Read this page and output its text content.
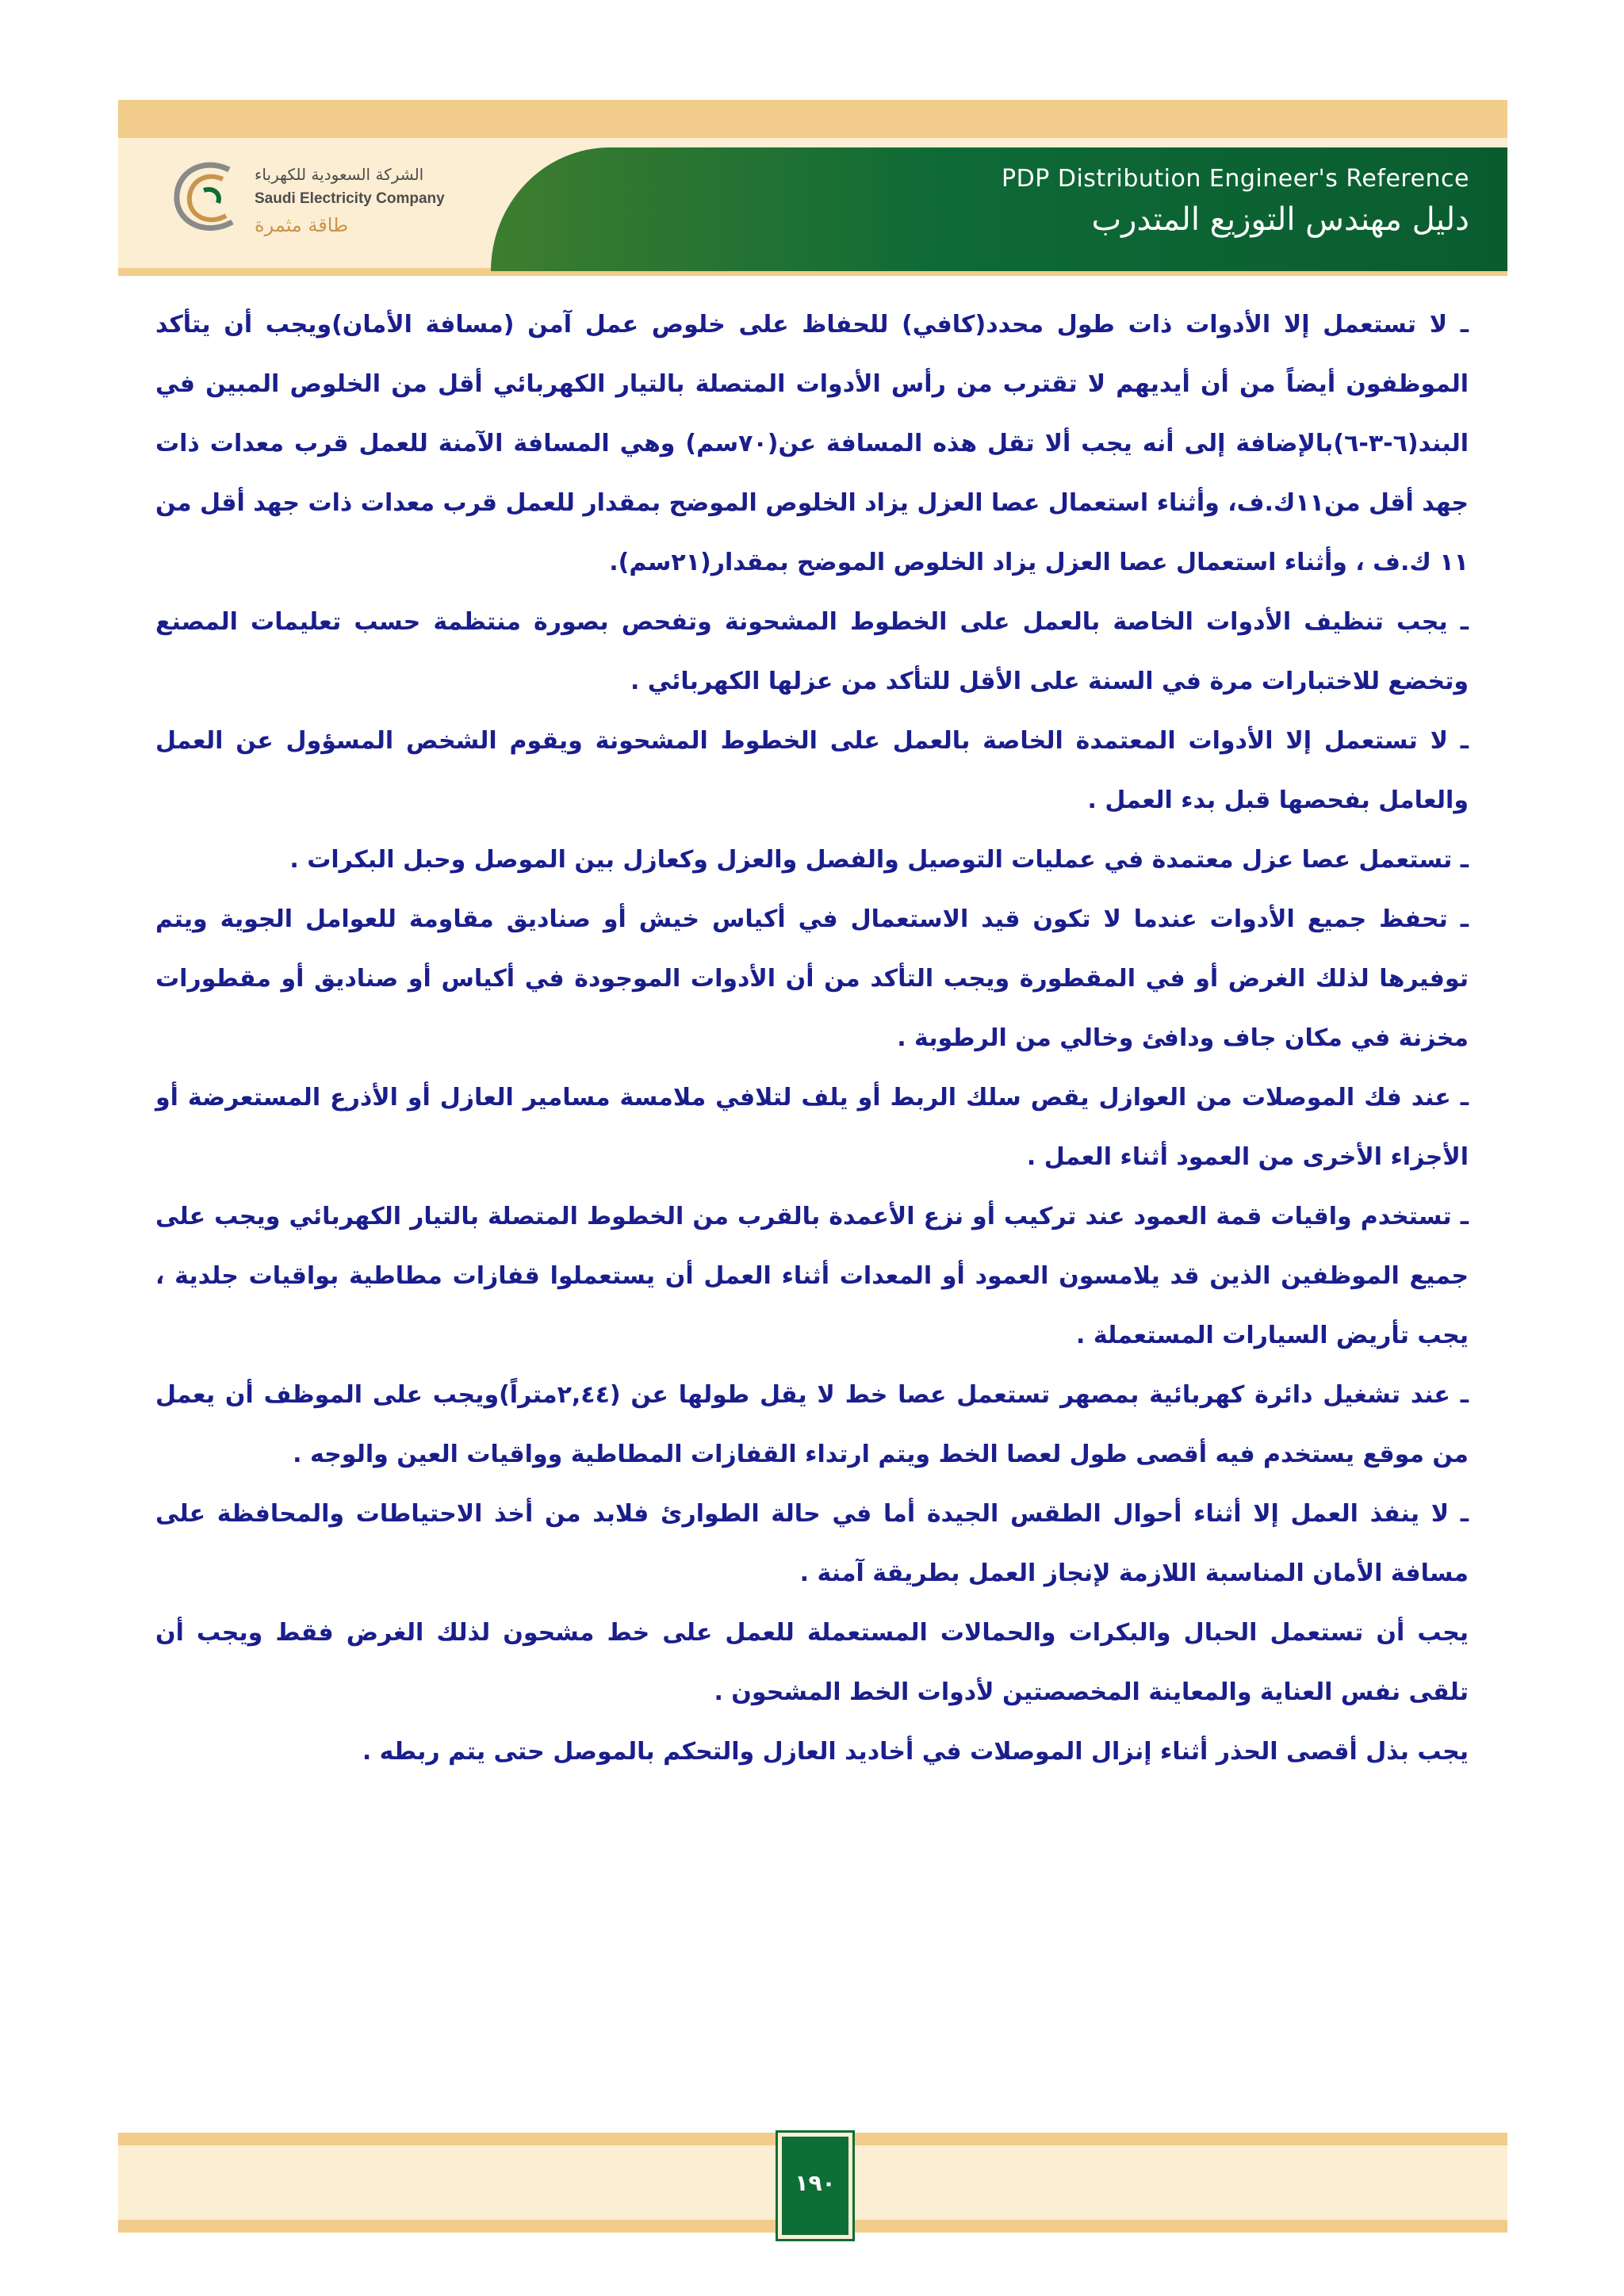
الشركة السعودية للكهرباء
Saudi Electricity Company
طاقة مثمرة
PDP Distribution Engineer's Reference
دليل مهندس التوزيع المتدرب

ـ لا تستعمل إلا الأدوات ذات طول محدد(كافي) للحفاظ على خلوص عمل آمن (مسافة الأمان)ويجب أن يتأكد الموظفون أيضاً من أن أيديهم لا تقترب من رأس الأدوات المتصلة بالتيار الكهربائي أقل من الخلوص المبين في البند(٦-٣-٦)بالإضافة إلى أنه يجب ألا تقل هذه المسافة عن(٧٠سم) وهي المسافة الآمنة للعمل قرب معدات ذات جهد أقل من١١ك.ف، وأثناء استعمال عصا العزل يزاد الخلوص الموضح بمقدار للعمل قرب معدات ذات جهد أقل من ١١ ك.ف ، وأثناء استعمال عصا العزل يزاد الخلوص الموضح بمقدار(٢١سم).

ـ يجب تنظيف الأدوات الخاصة بالعمل على الخطوط المشحونة وتفحص بصورة منتظمة حسب تعليمات المصنع وتخضع للاختبارات مرة في السنة على الأقل للتأكد من عزلها الكهربائي .

ـ لا تستعمل إلا الأدوات المعتمدة الخاصة بالعمل على الخطوط المشحونة ويقوم الشخص المسؤول عن العمل والعامل بفحصها قبل بدء العمل .

ـ تستعمل عصا عزل معتمدة في عمليات التوصيل والفصل والعزل وكعازل بين الموصل وحبل البكرات .

ـ تحفظ جميع الأدوات عندما لا تكون قيد الاستعمال في أكياس خيش أو صناديق مقاومة للعوامل الجوية ويتم توفيرها لذلك الغرض أو في المقطورة ويجب التأكد من أن الأدوات الموجودة في أكياس أو صناديق أو مقطورات مخزنة في مكان جاف ودافئ وخالي من الرطوبة .

ـ عند فك الموصلات من العوازل يقص سلك الربط أو يلف لتلافي ملامسة مسامير العازل أو الأذرع المستعرضة أو الأجزاء الأخرى من العمود أثناء العمل .

ـ تستخدم واقيات قمة العمود عند تركيب أو نزع الأعمدة بالقرب من الخطوط المتصلة بالتيار الكهربائي ويجب على جميع الموظفين الذين قد يلامسون العمود أو المعدات أثناء العمل أن يستعملوا قفازات مطاطية بواقيات جلدية ، يجب تأريض السيارات المستعملة .

ـ عند تشغيل دائرة كهربائية بمصهر تستعمل عصا خط لا يقل طولها عن (٢,٤٤متراً)ويجب على الموظف أن يعمل من موقع يستخدم فيه أقصى طول لعصا الخط ويتم ارتداء القفازات المطاطية وواقيات العين والوجه .

ـ لا ينفذ العمل إلا أثناء أحوال الطقس الجيدة أما في حالة الطوارئ فلابد من أخذ الاحتياطات والمحافظة على مسافة الأمان المناسبة اللازمة لإنجاز العمل بطريقة آمنة .

يجب أن تستعمل الحبال والبكرات والحمالات المستعملة للعمل على خط مشحون لذلك الغرض فقط ويجب أن تلقى نفس العناية والمعاينة المخصصتين لأدوات الخط المشحون .

يجب بذل أقصى الحذر أثناء إنزال الموصلات في أخاديد العازل والتحكم بالموصل حتى يتم ربطه .

١٩٠
